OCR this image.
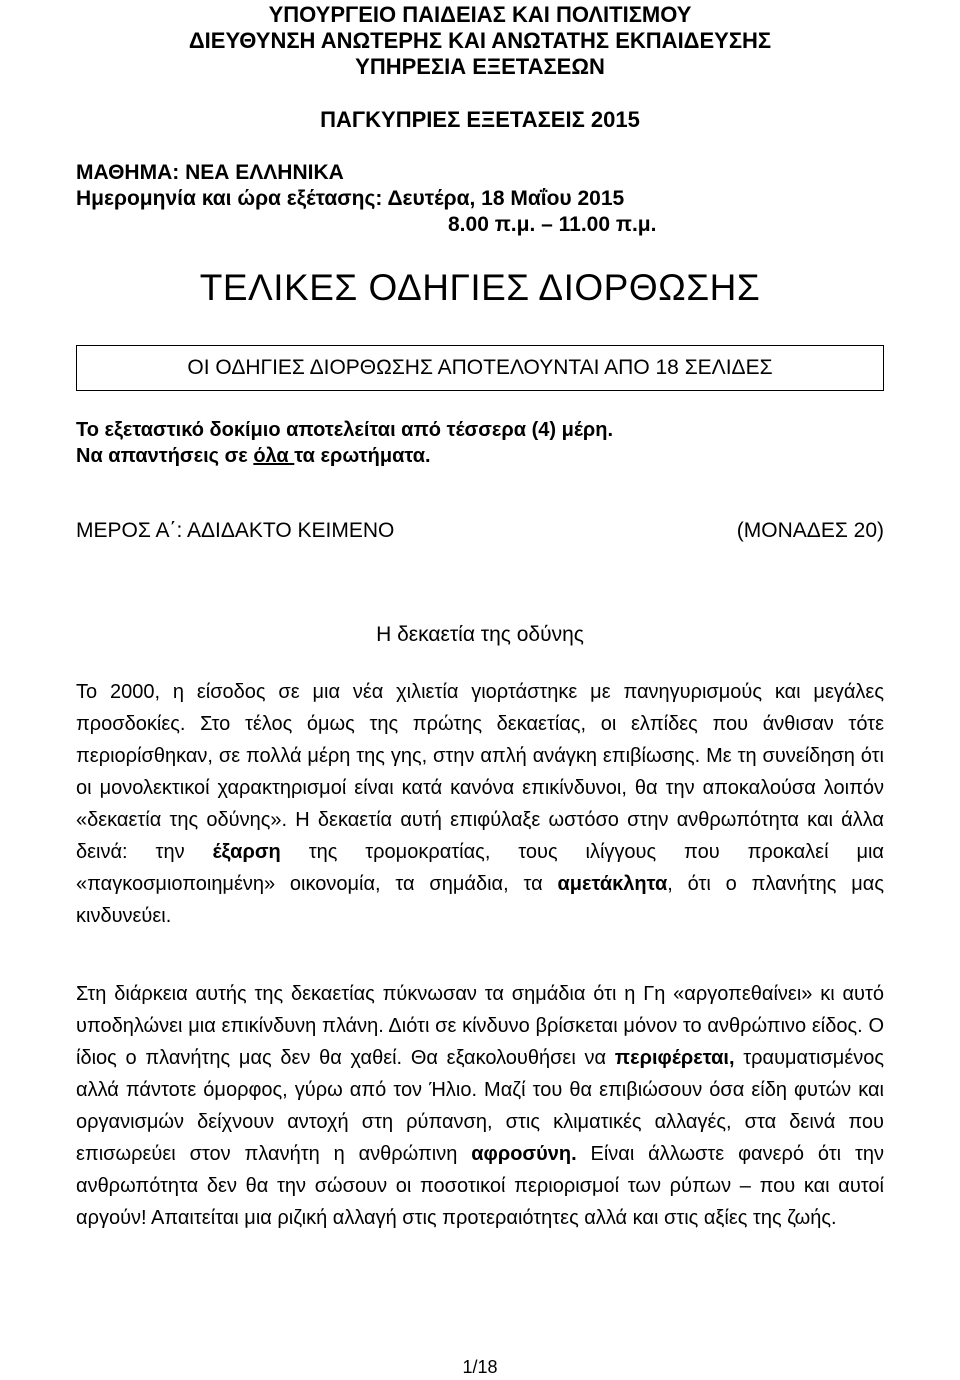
ΥΠΟΥΡΓΕΙΟ ΠΑΙΔΕΙΑΣ ΚΑΙ ΠΟΛΙΤΙΣΜΟΥ
ΔΙΕΥΘΥΝΣΗ ΑΝΩΤΕΡΗΣ ΚΑΙ ΑΝΩΤΑΤΗΣ ΕΚΠΑΙΔΕΥΣΗΣ
ΥΠΗΡΕΣΙΑ ΕΞΕΤΑΣΕΩΝ
ΠΑΓΚΥΠΡΙΕΣ ΕΞΕΤΑΣΕΙΣ 2015
ΜΑΘΗΜΑ: ΝΕΑ ΕΛΛΗΝΙΚΑ
Ημερομηνία και ώρα εξέτασης: Δευτέρα, 18 Μαΐου 2015
8.00 π.μ. – 11.00 π.μ.
ΤΕΛΙΚΕΣ ΟΔΗΓΙΕΣ ΔΙΟΡΘΩΣΗΣ
ΟΙ ΟΔΗΓΙΕΣ ΔΙΟΡΘΩΣΗΣ ΑΠΟΤΕΛΟΥΝΤΑΙ ΑΠΟ 18 ΣΕΛΙΔΕΣ
Το εξεταστικό δοκίμιο αποτελείται από τέσσερα (4) μέρη.
Να απαντήσεις σε όλα τα ερωτήματα.
ΜΕΡΟΣ Α΄: ΑΔΙΔΑΚΤΟ ΚΕΙΜΕΝΟ	(ΜΟΝΑΔΕΣ 20)
Η δεκαετία της οδύνης

Το 2000, η είσοδος σε μια νέα χιλιετία γιορτάστηκε με πανηγυρισμούς και μεγάλες προσδοκίες. Στο τέλος όμως της πρώτης δεκαετίας, οι ελπίδες που άνθισαν τότε περιορίσθηκαν, σε πολλά μέρη της γης, στην απλή ανάγκη επιβίωσης. Με τη συνείδηση ότι οι μονολεκτικοί χαρακτηρισμοί είναι κατά κανόνα επικίνδυνοι, θα την αποκαλούσα λοιπόν «δεκαετία της οδύνης». Η δεκαετία αυτή επιφύλαξε ωστόσο στην ανθρωπότητα και άλλα δεινά: την έξαρση της τρομοκρατίας, τους ιλίγγους που προκαλεί μια «παγκοσμιοποιημένη» οικονομία, τα σημάδια, τα αμετάκλητα, ότι ο πλανήτης μας κινδυνεύει.

Στη διάρκεια αυτής της δεκαετίας πύκνωσαν τα σημάδια ότι η Γη «αργοπεθαίνει» κι αυτό υποδηλώνει μια επικίνδυνη πλάνη. Διότι σε κίνδυνο βρίσκεται μόνον το ανθρώπινο είδος. Ο ίδιος ο πλανήτης μας δεν θα χαθεί. Θα εξακολουθήσει να περιφέρεται, τραυματισμένος αλλά πάντοτε όμορφος, γύρω από τον Ήλιο. Μαζί του θα επιβιώσουν όσα είδη φυτών και οργανισμών δείχνουν αντοχή στη ρύπανση, στις κλιματικές αλλαγές, στα δεινά που επισωρεύει στον πλανήτη η ανθρώπινη αφροσύνη. Είναι άλλωστε φανερό ότι την ανθρωπότητα δεν θα την σώσουν οι ποσοτικοί περιορισμοί των ρύπων – που και αυτοί αργούν! Απαιτείται μια ριζική αλλαγή στις προτεραιότητες αλλά και στις αξίες της ζωής.

1/18
